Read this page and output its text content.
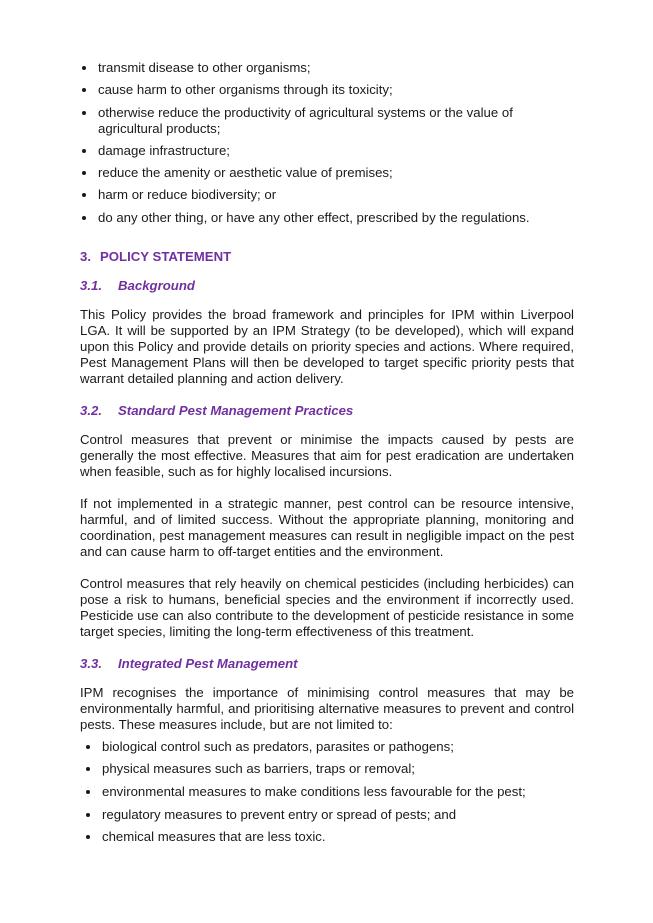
transmit disease to other organisms;
cause harm to other organisms through its toxicity;
otherwise reduce the productivity of agricultural systems or the value of agricultural products;
damage infrastructure;
reduce the amenity or aesthetic value of premises;
harm or reduce biodiversity; or
do any other thing, or have any other effect, prescribed by the regulations.
3. POLICY STATEMENT
3.1. Background

This Policy provides the broad framework and principles for IPM within Liverpool LGA. It will be supported by an IPM Strategy (to be developed), which will expand upon this Policy and provide details on priority species and actions. Where required, Pest Management Plans will then be developed to target specific priority pests that warrant detailed planning and action delivery.

3.2. Standard Pest Management Practices

Control measures that prevent or minimise the impacts caused by pests are generally the most effective. Measures that aim for pest eradication are undertaken when feasible, such as for highly localised incursions.

If not implemented in a strategic manner, pest control can be resource intensive, harmful, and of limited success. Without the appropriate planning, monitoring and coordination, pest management measures can result in negligible impact on the pest and can cause harm to off-target entities and the environment.

Control measures that rely heavily on chemical pesticides (including herbicides) can pose a risk to humans, beneficial species and the environment if incorrectly used. Pesticide use can also contribute to the development of pesticide resistance in some target species, limiting the long-term effectiveness of this treatment.

3.3. Integrated Pest Management

IPM recognises the importance of minimising control measures that may be environmentally harmful, and prioritising alternative measures to prevent and control pests. These measures include, but are not limited to:

biological control such as predators, parasites or pathogens;
physical measures such as barriers, traps or removal;
environmental measures to make conditions less favourable for the pest;
regulatory measures to prevent entry or spread of pests; and
chemical measures that are less toxic.
